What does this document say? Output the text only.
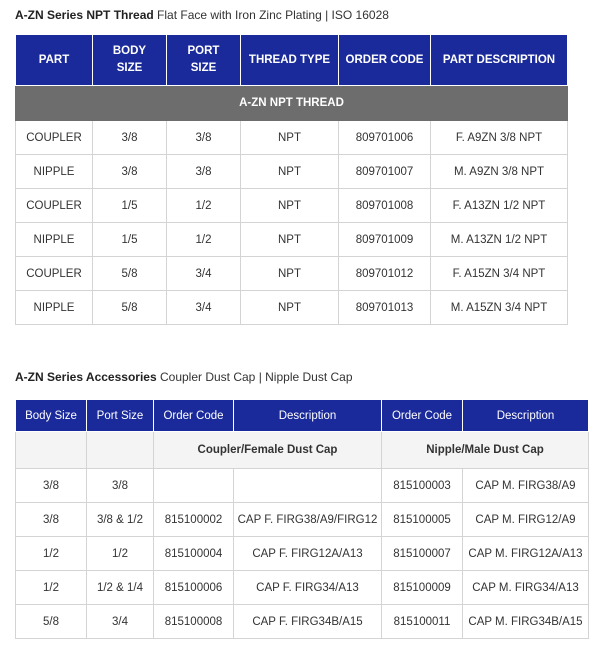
A-ZN Series NPT Thread Flat Face with Iron Zinc Plating | ISO 16028
PART	BODY SIZE	PORT SIZE	THREAD TYPE	ORDER CODE	PART DESCRIPTION
A-ZN NPT THREAD					
COUPLER	3/8	3/8	NPT	809701006	F. A9ZN 3/8 NPT
NIPPLE	3/8	3/8	NPT	809701007	M. A9ZN 3/8 NPT
COUPLER	1/5	1/2	NPT	809701008	F. A13ZN 1/2 NPT
NIPPLE	1/5	1/2	NPT	809701009	M. A13ZN 1/2 NPT
COUPLER	5/8	3/4	NPT	809701012	F. A15ZN 3/4 NPT
NIPPLE	5/8	3/4	NPT	809701013	M. A15ZN 3/4 NPT
A-ZN Series Accessories Coupler Dust Cap | Nipple Dust Cap
Body Size	Port Size	Order Code	Description	Order Code	Description
		Coupler/Female Dust Cap		Nipple/Male Dust Cap	
3/8	3/8			815100003	CAP M. FIRG38/A9
3/8	3/8 & 1/2	815100002	CAP F. FIRG38/A9/FIRG12	815100005	CAP M. FIRG12/A9
1/2	1/2	815100004	CAP F. FIRG12A/A13	815100007	CAP M. FIRG12A/A13
1/2	1/2 & 1/4	815100006	CAP F. FIRG34/A13	815100009	CAP M. FIRG34/A13
5/8	3/4	815100008	CAP F. FIRG34B/A15	815100011	CAP M. FIRG34B/A15
